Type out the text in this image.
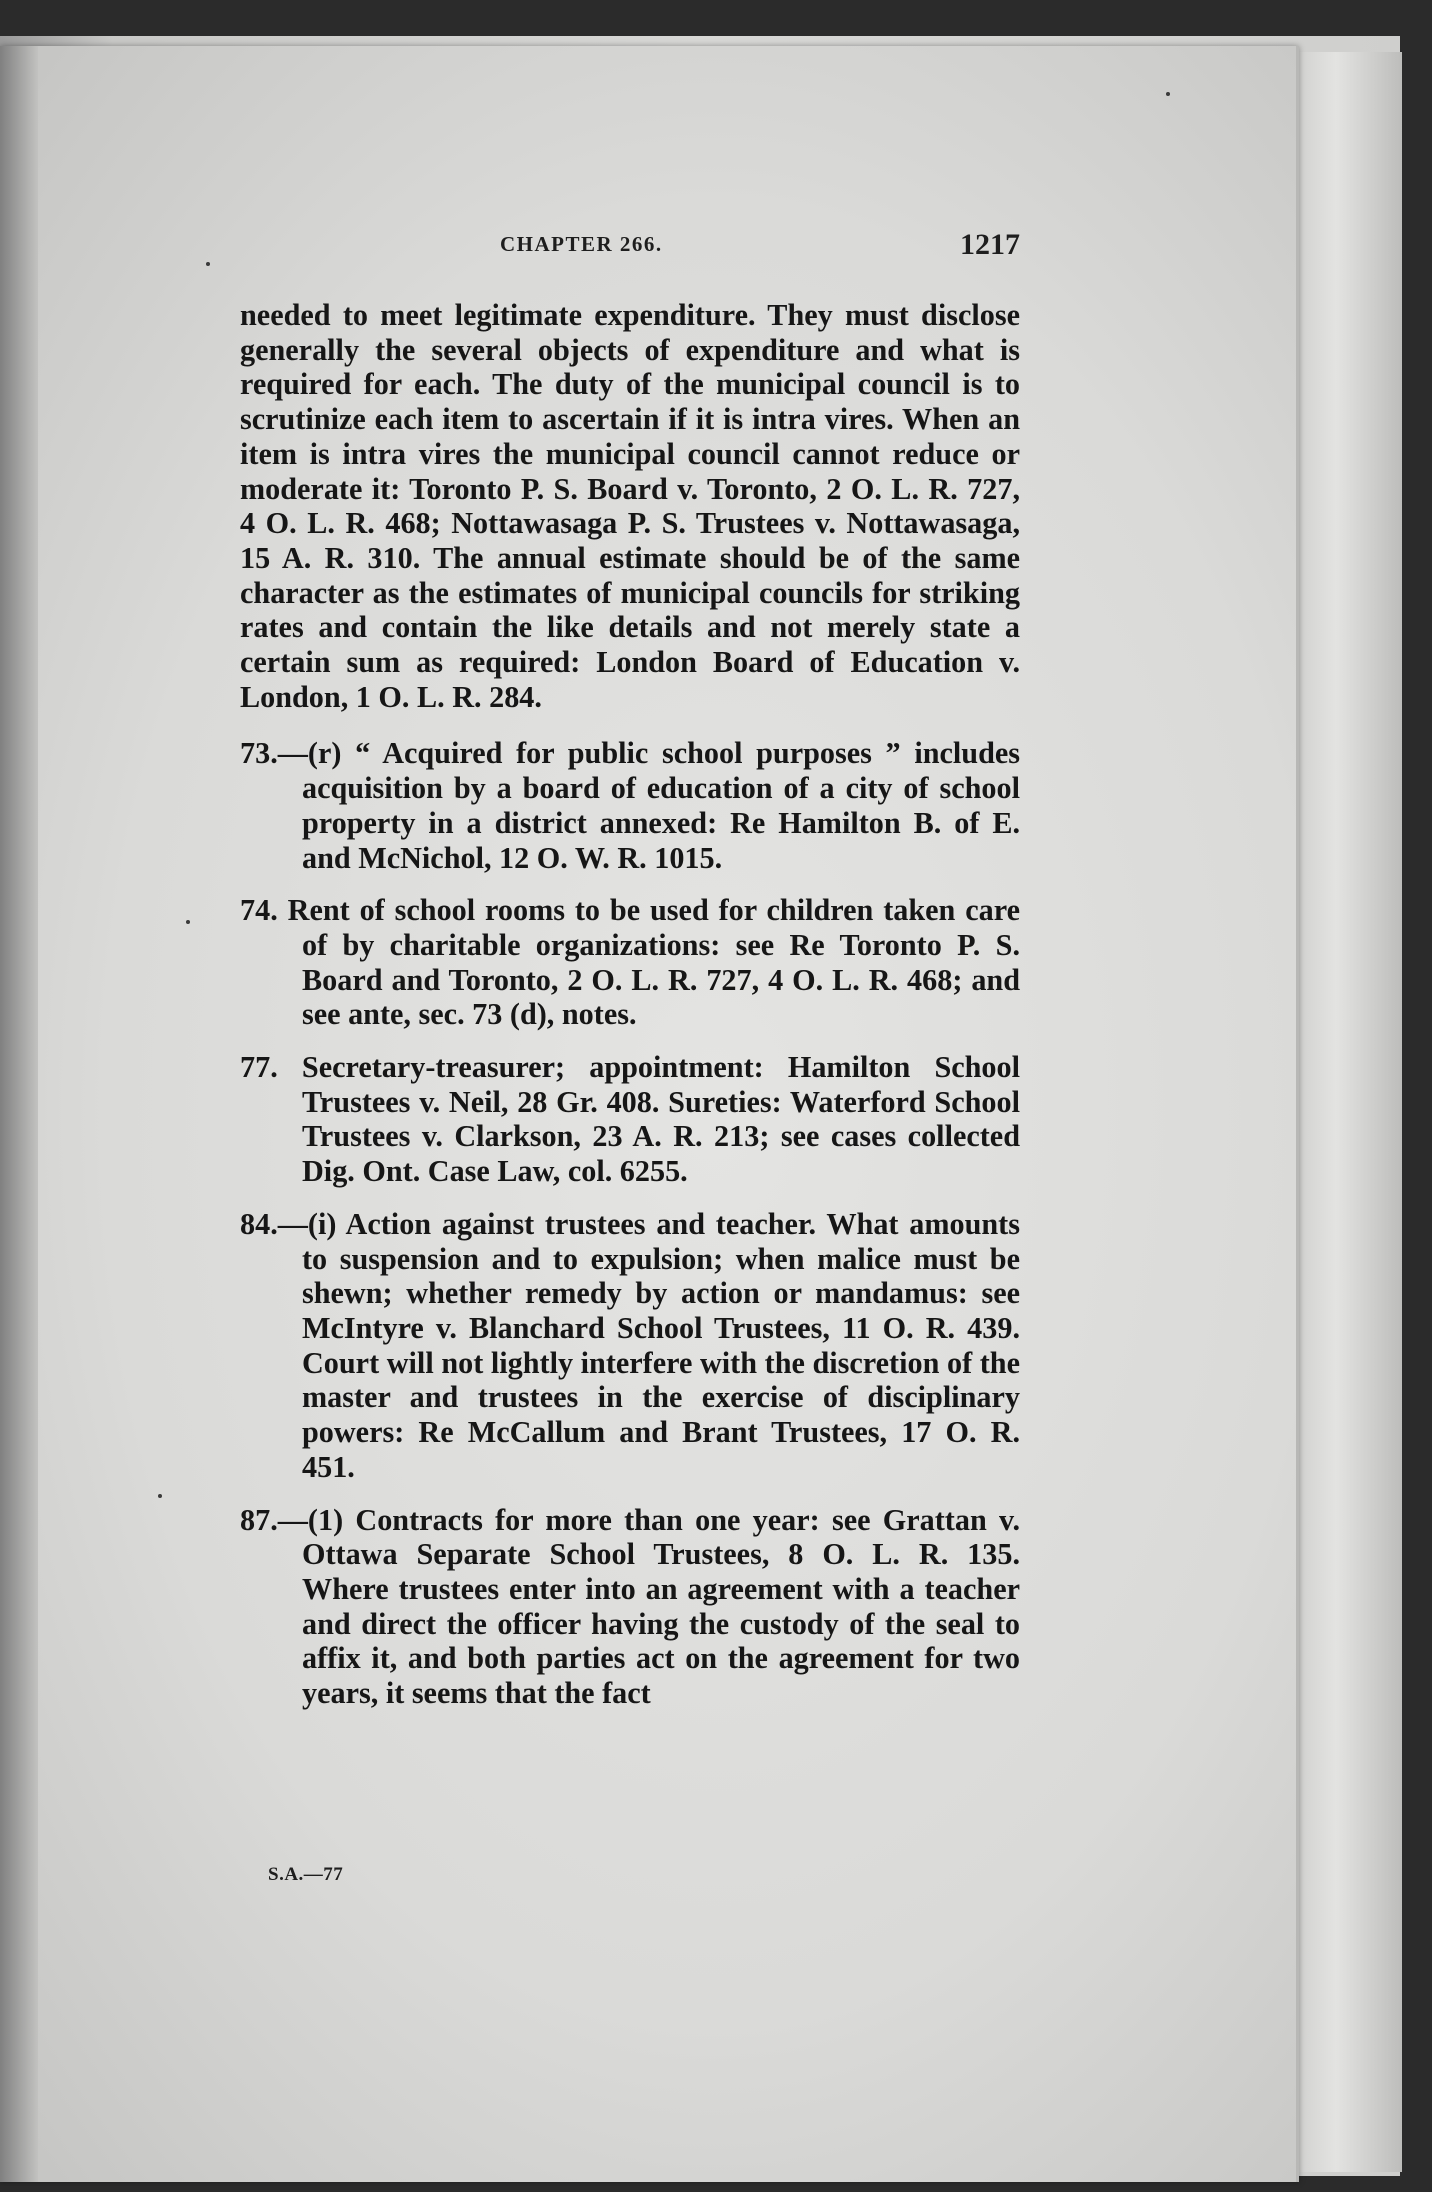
CHAPTER 266.	1217

needed to meet legitimate expenditure. They must disclose generally the several objects of expenditure and what is required for each. The duty of the municipal council is to scrutinize each item to ascertain if it is intra vires. When an item is intra vires the municipal council cannot reduce or moderate it: Toronto P. S. Board v. Toronto, 2 O. L. R. 727, 4 O. L. R. 468; Nottawasaga P. S. Trustees v. Nottawasaga, 15 A. R. 310. The annual estimate should be of the same character as the estimates of municipal councils for striking rates and contain the like details and not merely state a certain sum as required: London Board of Education v. London, 1 O. L. R. 284.

73.—(r) “ Acquired for public school purposes ” includes acquisition by a board of education of a city of school property in a district annexed: Re Hamilton B. of E. and McNichol, 12 O. W. R. 1015.

74. Rent of school rooms to be used for children taken care of by charitable organizations: see Re Toronto P. S. Board and Toronto, 2 O. L. R. 727, 4 O. L. R. 468; and see ante, sec. 73 (d), notes.

77. Secretary-treasurer; appointment: Hamilton School Trustees v. Neil, 28 Gr. 408. Sureties: Waterford School Trustees v. Clarkson, 23 A. R. 213; see cases collected Dig. Ont. Case Law, col. 6255.

84.—(i) Action against trustees and teacher. What amounts to suspension and to expulsion; when malice must be shewn; whether remedy by action or mandamus: see McIntyre v. Blanchard School Trustees, 11 O. R. 439. Court will not lightly interfere with the discretion of the master and trustees in the exercise of disciplinary powers: Re McCallum and Brant Trustees, 17 O. R. 451.

87.—(1) Contracts for more than one year: see Grattan v. Ottawa Separate School Trustees, 8 O. L. R. 135. Where trustees enter into an agreement with a teacher and direct the officer having the custody of the seal to affix it, and both parties act on the agreement for two years, it seems that the fact

S.A.—77
